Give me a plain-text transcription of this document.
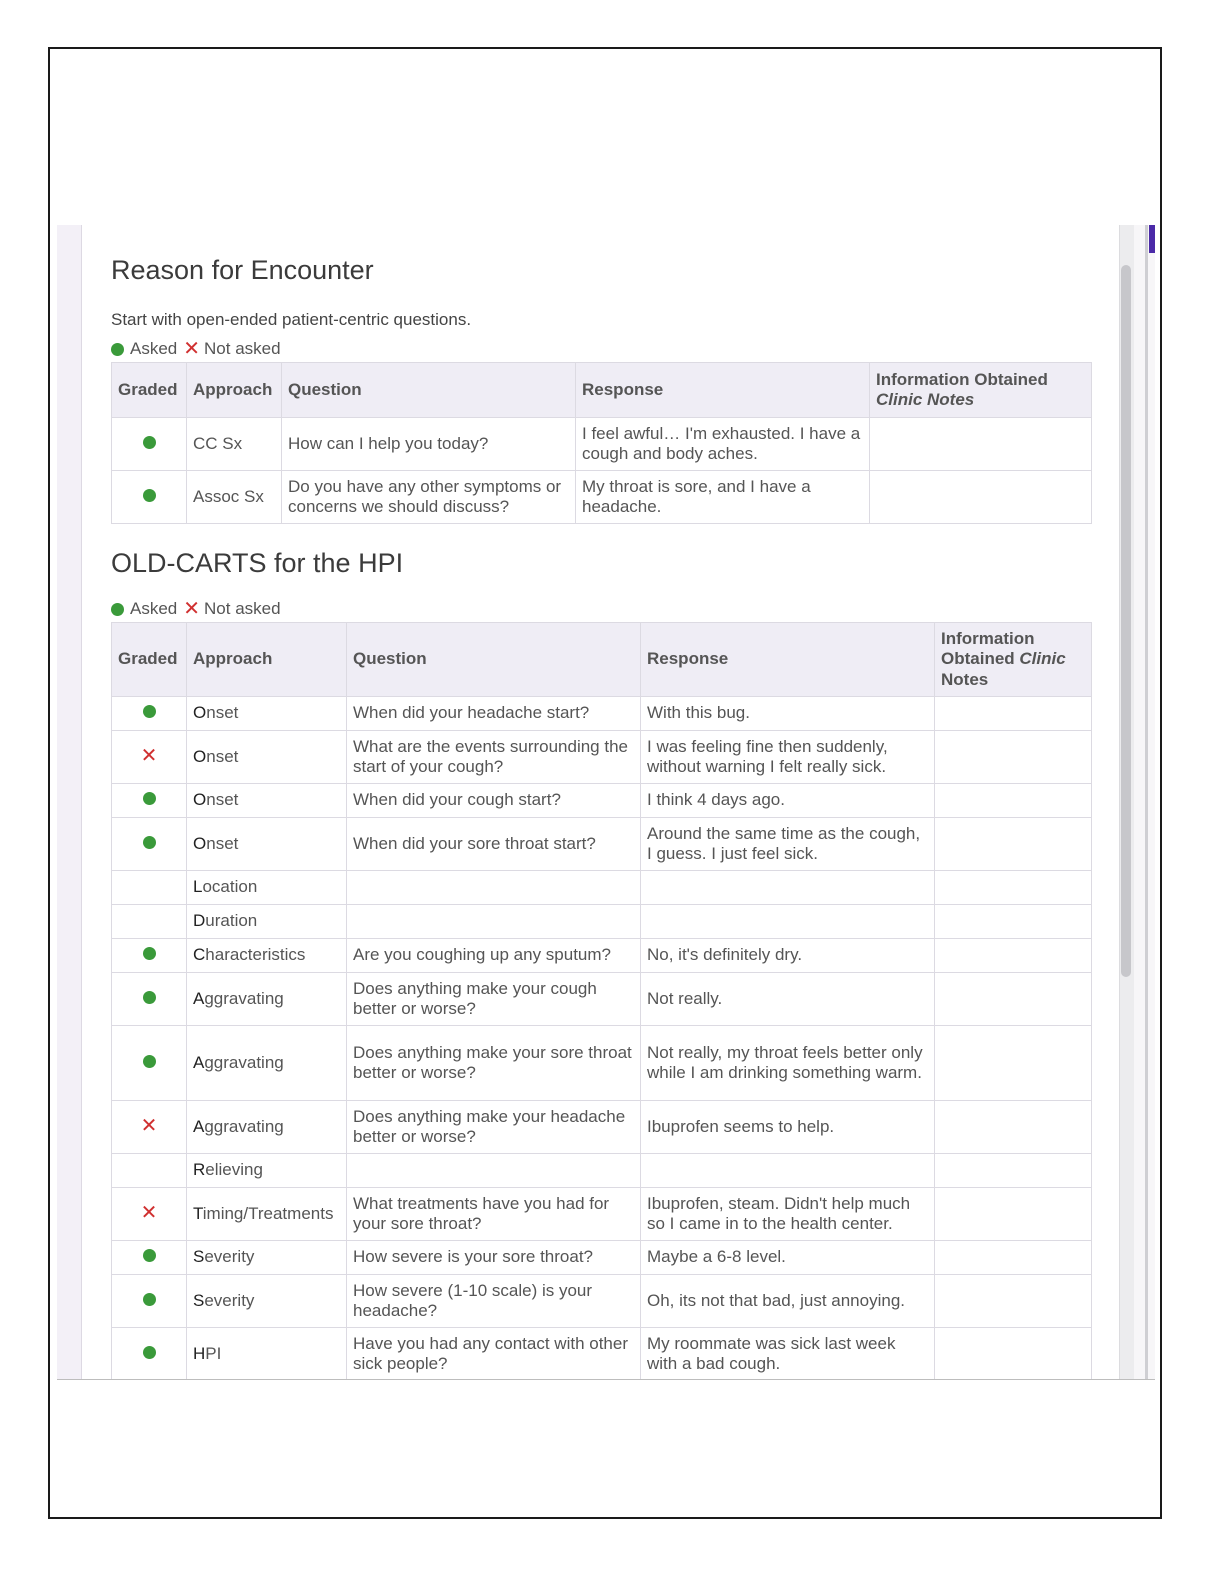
Reason for Encounter
Start with open-ended patient-centric questions.
Asked ✕ Not asked
Graded	Approach	Question	Response	Information Obtained
Clinic Notes
	CC Sx	How can I help you today?	I feel awful… I'm exhausted. I have a cough and body aches.	
	Assoc Sx	Do you have any other symptoms or concerns we should discuss?	My throat is sore, and I have a headache.	
OLD-CARTS for the HPI
Asked ✕ Not asked
Graded	Approach	Question	Response	Information Obtained Clinic Notes
	Onset	When did your headache start?	With this bug.	
✕	Onset	What are the events surrounding the start of your cough?	I was feeling fine then suddenly, without warning I felt really sick.	
	Onset	When did your cough start?	I think 4 days ago.	
	Onset	When did your sore throat start?	Around the same time as the cough, I guess. I just feel sick.	
	Location			
	Duration			
	Characteristics	Are you coughing up any sputum?	No, it's definitely dry.	
	Aggravating	Does anything make your cough better or worse?	Not really.	
	Aggravating	Does anything make your sore throat better or worse?	Not really, my throat feels better only while I am drinking something warm.	
✕	Aggravating	Does anything make your headache better or worse?	Ibuprofen seems to help.	
	Relieving			
✕	Timing/Treatments	What treatments have you had for your sore throat?	Ibuprofen, steam. Didn't help much so I came in to the health center.	
	Severity	How severe is your sore throat?	Maybe a 6-8 level.	
	Severity	How severe (1-10 scale) is your headache?	Oh, its not that bad, just annoying.	
	HPI	Have you had any contact with other sick people?	My roommate was sick last week with a bad cough.	
